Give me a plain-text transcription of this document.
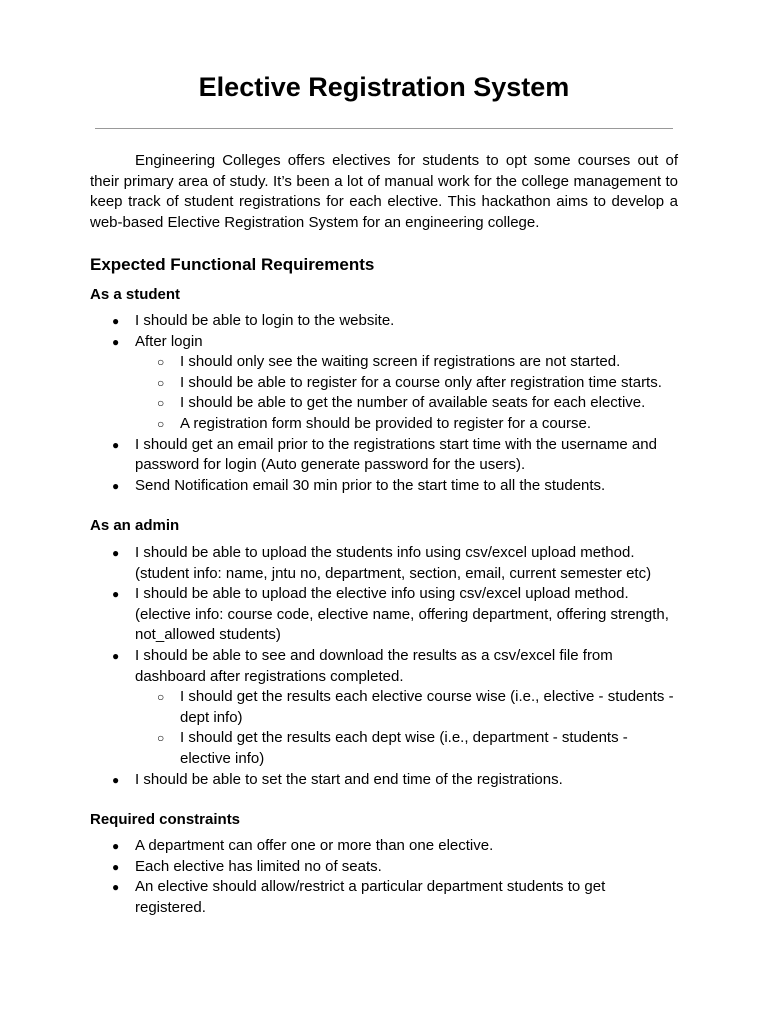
Elective Registration System

Engineering Colleges offers electives for students to opt some courses out of their primary area of study. It’s been a lot of manual work for the college management to keep track of student registrations for each elective. This hackathon aims to develop a web-based Elective Registration System for an engineering college.

Expected Functional Requirements
As a student
● I should be able to login to the website.
● After login
○ I should only see the waiting screen if registrations are not started.
○ I should be able to register for a course only after registration time starts.
○ I should be able to get the number of available seats for each elective.
○ A registration form should be provided to register for a course.
● I should get an email prior to the registrations start time with the username and password for login (Auto generate password for the users).
● Send Notification email 30 min prior to the start time to all the students.
As an admin
● I should be able to upload the students info using csv/excel upload method. (student info: name, jntu no, department, section, email, current semester etc)
● I should be able to upload the elective info using csv/excel upload method. (elective info: course code, elective name, offering department, offering strength, not_allowed students)
● I should be able to see and download the results as a csv/excel file from dashboard after registrations completed.
○ I should get the results each elective course wise (i.e., elective - students - dept info)
○ I should get the results each dept wise (i.e., department - students - elective info)
● I should be able to set the start and end time of the registrations.
Required constraints
● A department can offer one or more than one elective.
● Each elective has limited no of seats.
● An elective should allow/restrict a particular department students to get registered.
